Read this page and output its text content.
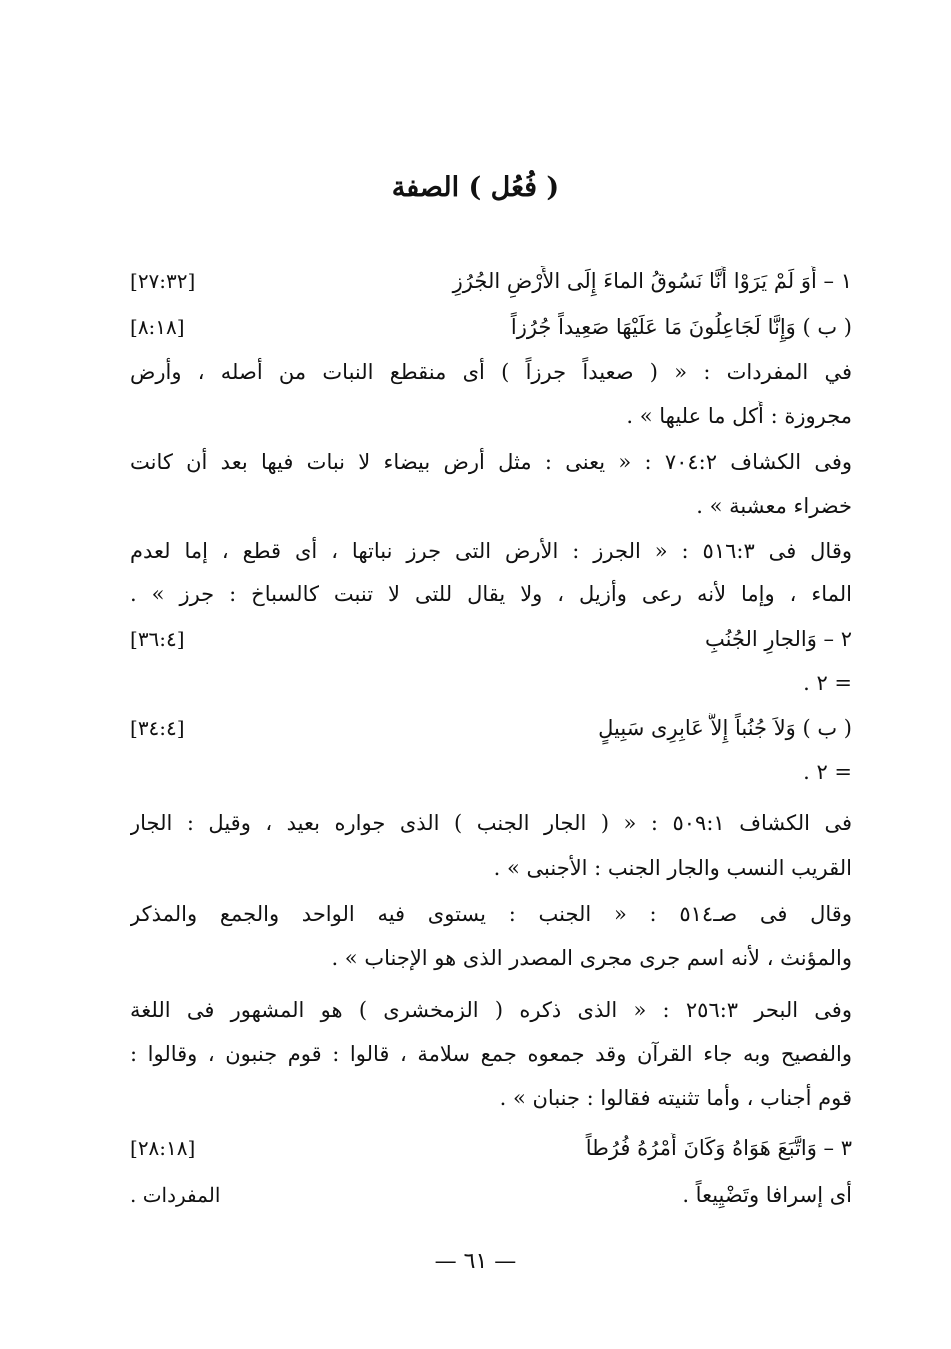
( فُعُل ) الصفة
١ – أَوَ لَمْ يَرَوْا أَنَّا نَسُوقُ الماءَ إِلَى الأَرْضِ الجُرُزِ
[٢٧:٣٢]
( ب ) وَإِنَّا لَجَاعِلُونَ مَا عَلَيْهَا صَعِيداً جُرُزاً
[٨:١٨]
في المفردات : « ( صعيداً جرزاً ) أى منقطع النبات من أصله ، وأرض
مجروزة : أُكل ما عليها » .
وفى الكشاف ٧٠٤:٢ : « يعنى : مثل أرض بيضاء لا نبات فيها بعد أن كانت
خضراء معشبة » .
وقال فى ٥١٦:٣ : « الجرز : الأرض التى جرز نباتها ، أى قطع ، إما لعدم
الماء ، وإما لأنه رعى وأزيل ، ولا يقال للتى لا تنبت كالسباخ : جرز » .
٢ – وَالجارِ الجُنُبِ
[٣٦:٤]
= ٢ .
( ب ) وَلاَ جُنُباً إِلاَّ عَابِرِى سَبِيلٍ
[٣٤:٤]
= ٢ .
فى الكشاف ٥٠٩:١ : « ( الجار الجنب ) الذى جواره بعيد ، وقيل : الجار
القريب النسب والجار الجنب : الأجنبى » .
وقال فى صـ٥١٤ : « الجنب : يستوى فيه الواحد والجمع والمذكر
والمؤنث ، لأنه اسم جرى مجرى المصدر الذى هو الإجناب » .
وفى البحر ٢٥٦:٣ : « الذى ذكره ( الزمخشرى ) هو المشهور فى اللغة
والفصيح وبه جاء القرآن وقد جمعوه جمع سلامة ، قالوا : قوم جنبون ، وقالوا :
قوم أجناب ، وأما تثنيته فقالوا : جنبان » .
٣ – وَاتَّبَعَ هَوَاهُ وَكَانَ أَمْرُهُ فُرُطاً
[٢٨:١٨]
أى إسرافا وتَضْيِيعاً .
المفردات .
— ٦١ —
